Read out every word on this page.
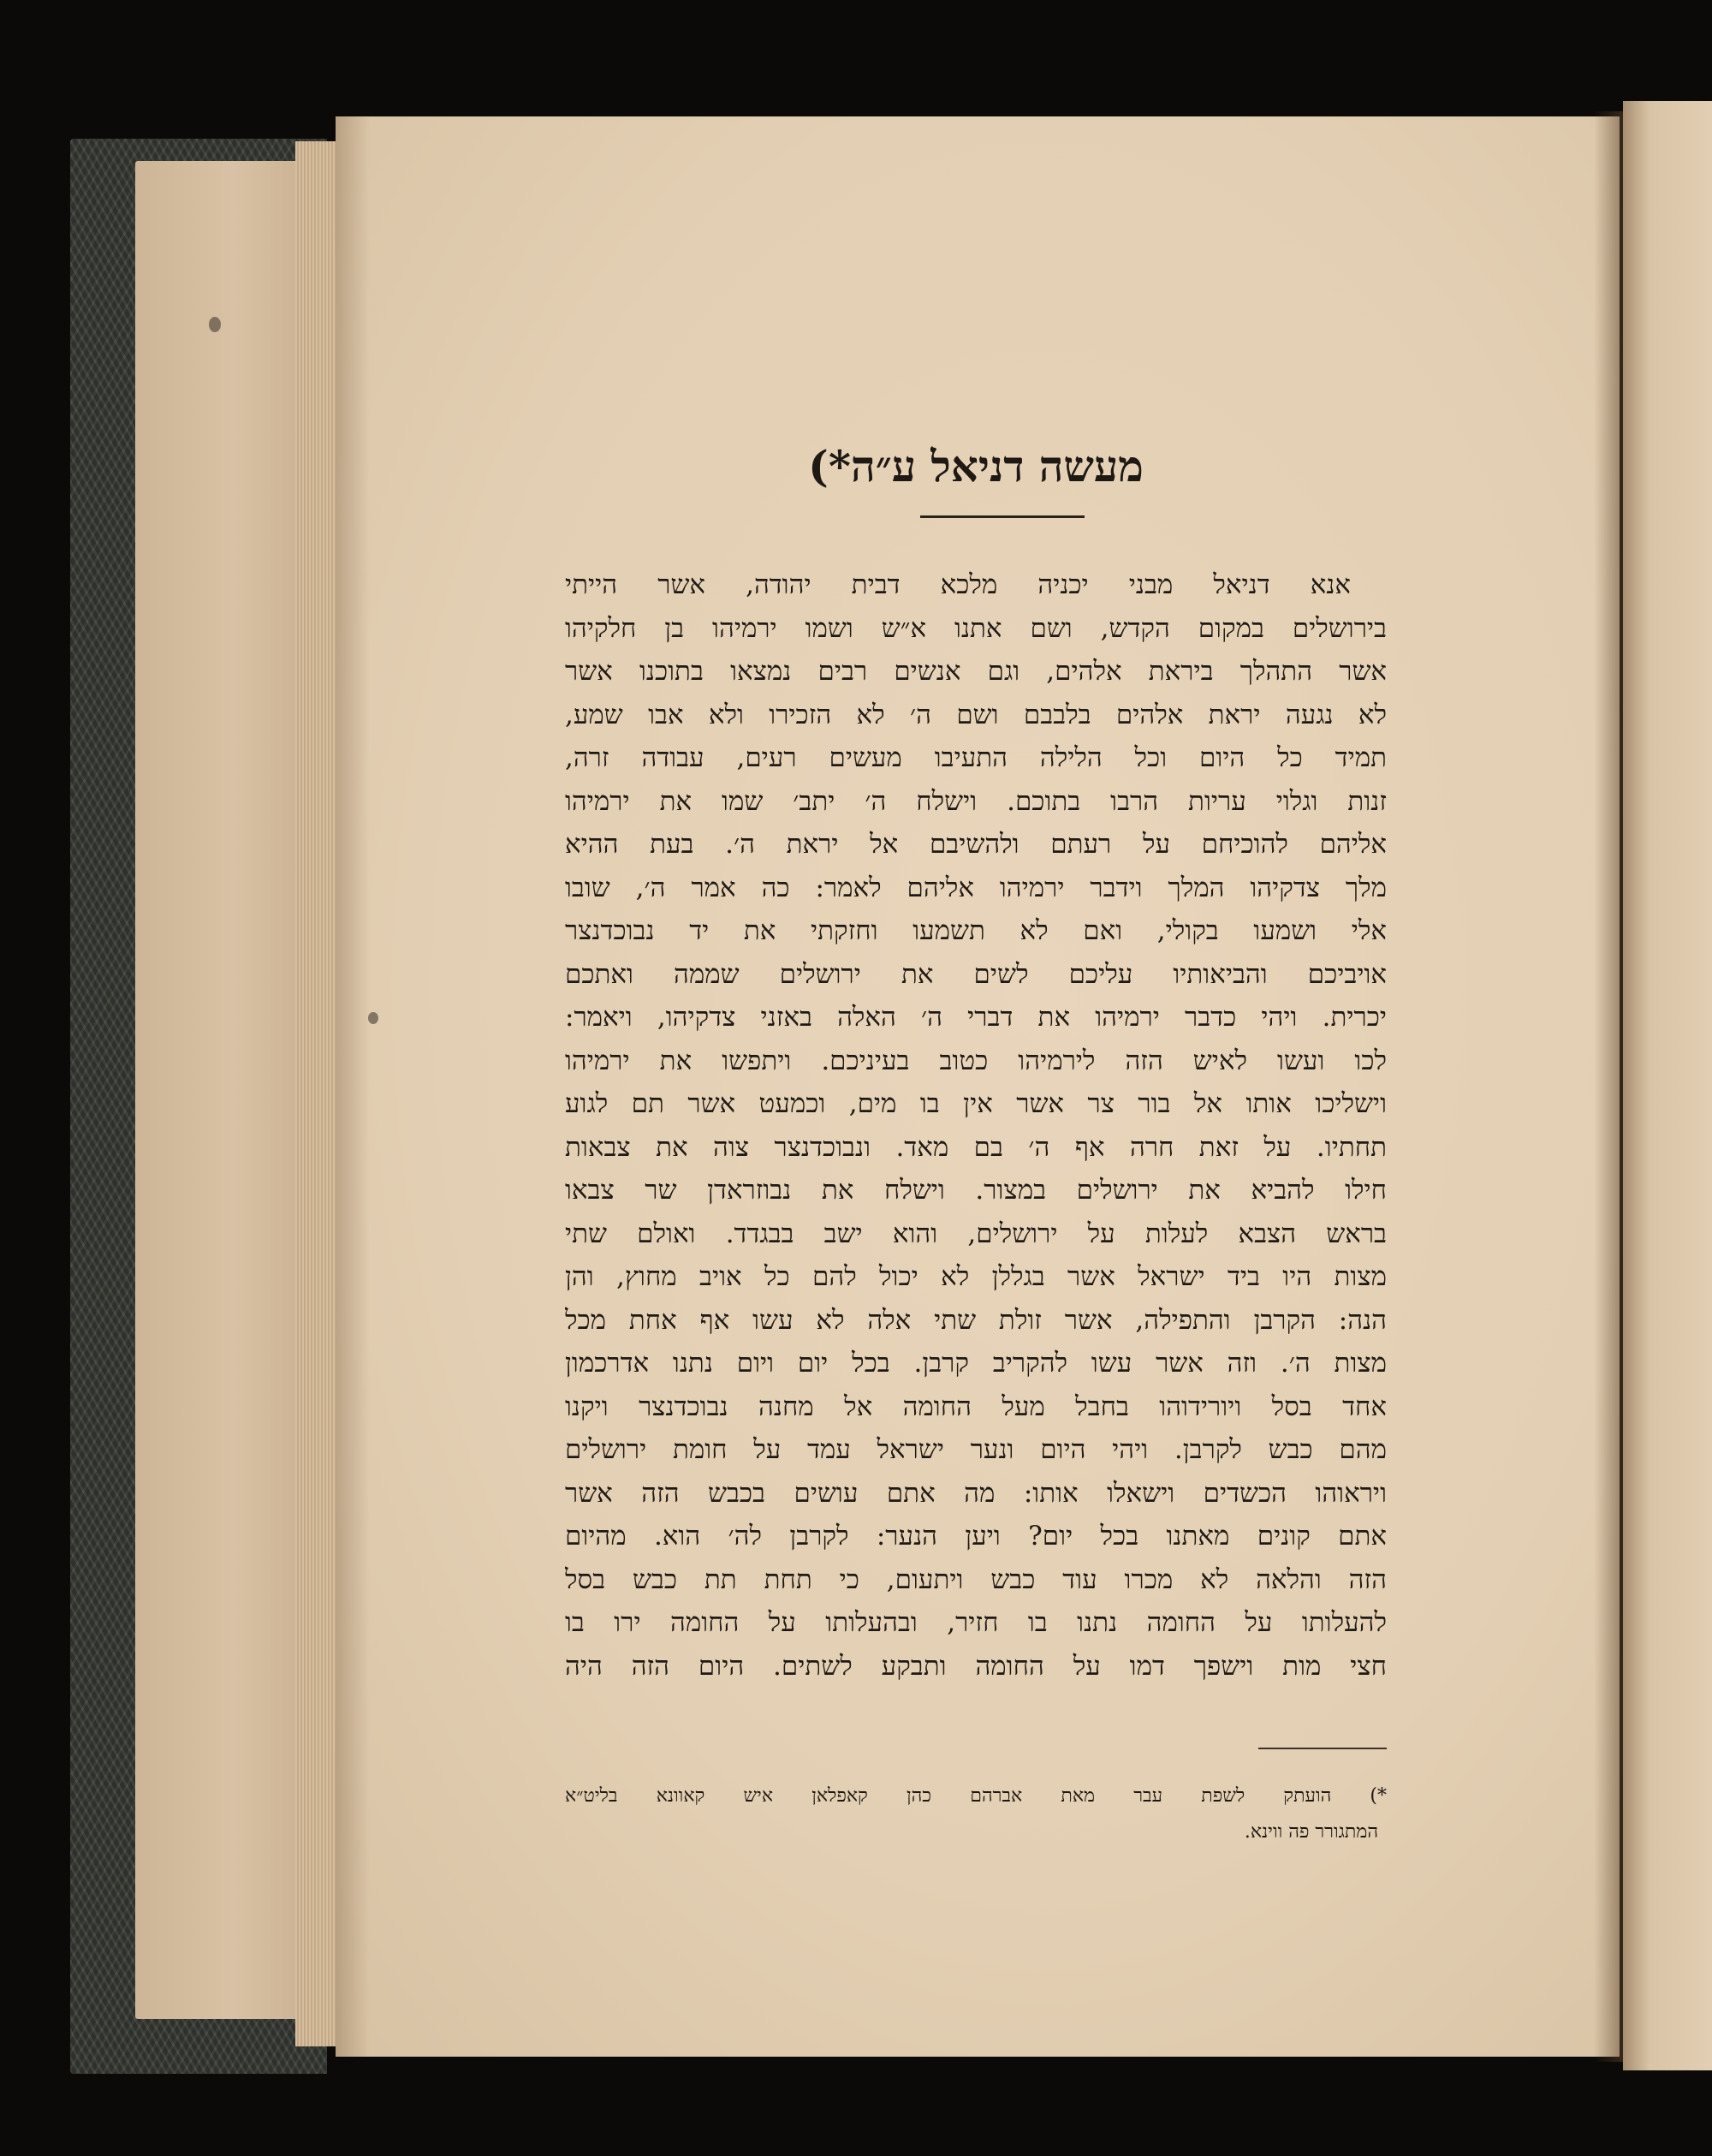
מעשה דניאל ע״ה*)
אנא דניאל מבני יכניה מלכא דבית יהודה, אשר הייתי
בירושלים במקום הקדש, ושם אתנו א״ש ושמו ירמיהו בן חלקיהו
אשר התהלך ביראת אלהים, וגם אנשים רבים נמצאו בתוכנו אשר
לא נגעה יראת אלהים בלבבם ושם ה׳ לא הזכירו ולא אבו שמע,
תמיד כל היום וכל הלילה התעיבו מעשים רעים, עבודה זרה,
זנות וגלוי עריות הרבו בתוכם. וישלח ה׳ יתב׳ שמו את ירמיהו
אליהם להוכיחם על רעתם ולהשיבם אל יראת ה׳. בעת ההיא
מלך צדקיהו המלך וידבר ירמיהו אליהם לאמר: כה אמר ה׳, שובו
אלי ושמעו בקולי, ואם לא תשמעו וחזקתי את יד נבוכדנצר
אויביכם והביאותיו עליכם לשים את ירושלים שממה ואתכם
יכרית. ויהי כדבר ירמיהו את דברי ה׳ האלה באזני צדקיהו, ויאמר:
לכו ועשו לאיש הזה לירמיהו כטוב בעיניכם. ויתפשו את ירמיהו
וישליכו אותו אל בור צר אשר אין בו מים, וכמעט אשר תם לגוע
תחתיו. על זאת חרה אף ה׳ בם מאד. ונבוכדנצר צוה את צבאות
חילו להביא את ירושלים במצור. וישלח את נבוזראדן שר צבאו
בראש הצבא לעלות על ירושלים, והוא ישב בבגדד. ואולם שתי
מצות היו ביד ישראל אשר בגללן לא יכול להם כל אויב מחוץ, והן
הנה: הקרבן והתפילה, אשר זולת שתי אלה לא עשו אף אחת מכל
מצות ה׳. וזה אשר עשו להקריב קרבן. בכל יום ויום נתנו אדרכמון
אחד בסל ויורידוהו בחבל מעל החומה אל מחנה נבוכדנצר ויקנו
מהם כבש לקרבן. ויהי היום ונער ישראל עמד על חומת ירושלים
ויראוהו הכשדים וישאלו אותו: מה אתם עושים בכבש הזה אשר
אתם קונים מאתנו בכל יום? ויען הנער: לקרבן לה׳ הוא. מהיום
הזה והלאה לא מכרו עוד כבש ויתעום, כי תחת תת כבש בסל
להעלותו על החומה נתנו בו חזיר, ובהעלותו על החומה ירו בו
חצי מות וישפך דמו על החומה ותבקע לשתים. היום הזה היה
*) הועתק לשפת עבר מאת אברהם כהן קאפלאן איש קאוונא בליט״א
המתגורר פה ווינא.
